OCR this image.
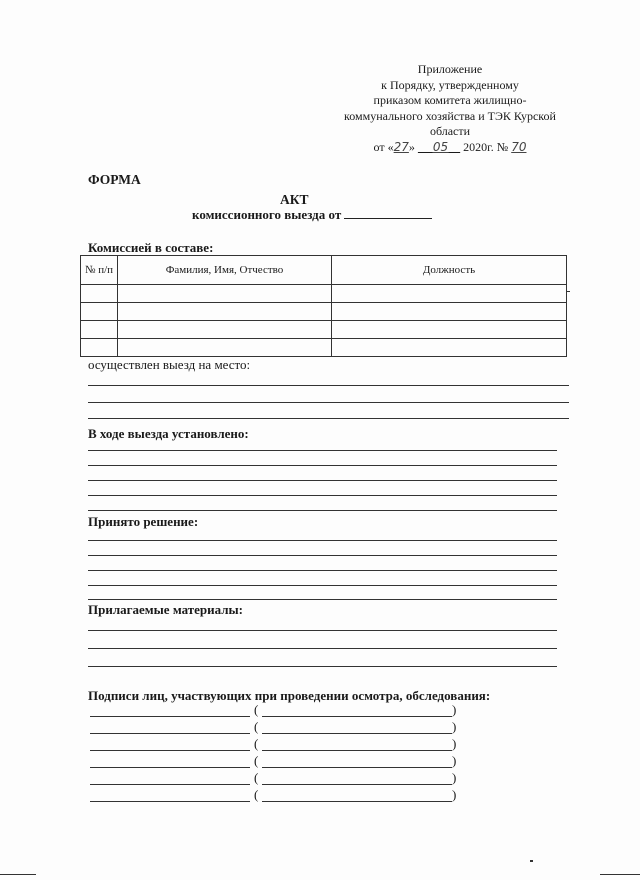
Приложение
к Порядку, утвержденному
приказом комитета жилищно-
коммунального хозяйства и ТЭК Курской
области
от «27»      05 2020г. № 70
ФОРМА
АКТ
комиссионного выезда от
Комиссией в составе:
№ п/п	Фамилия, Имя, Отчество	Должность

осуществлен выезд на место:
В ходе выезда установлено:
Принято решение:
Прилагаемые материалы:
Подписи лиц, участвующих при проведении осмотра, обследования:
(	)
(	)
(	)
(	)
(	)
(	)
